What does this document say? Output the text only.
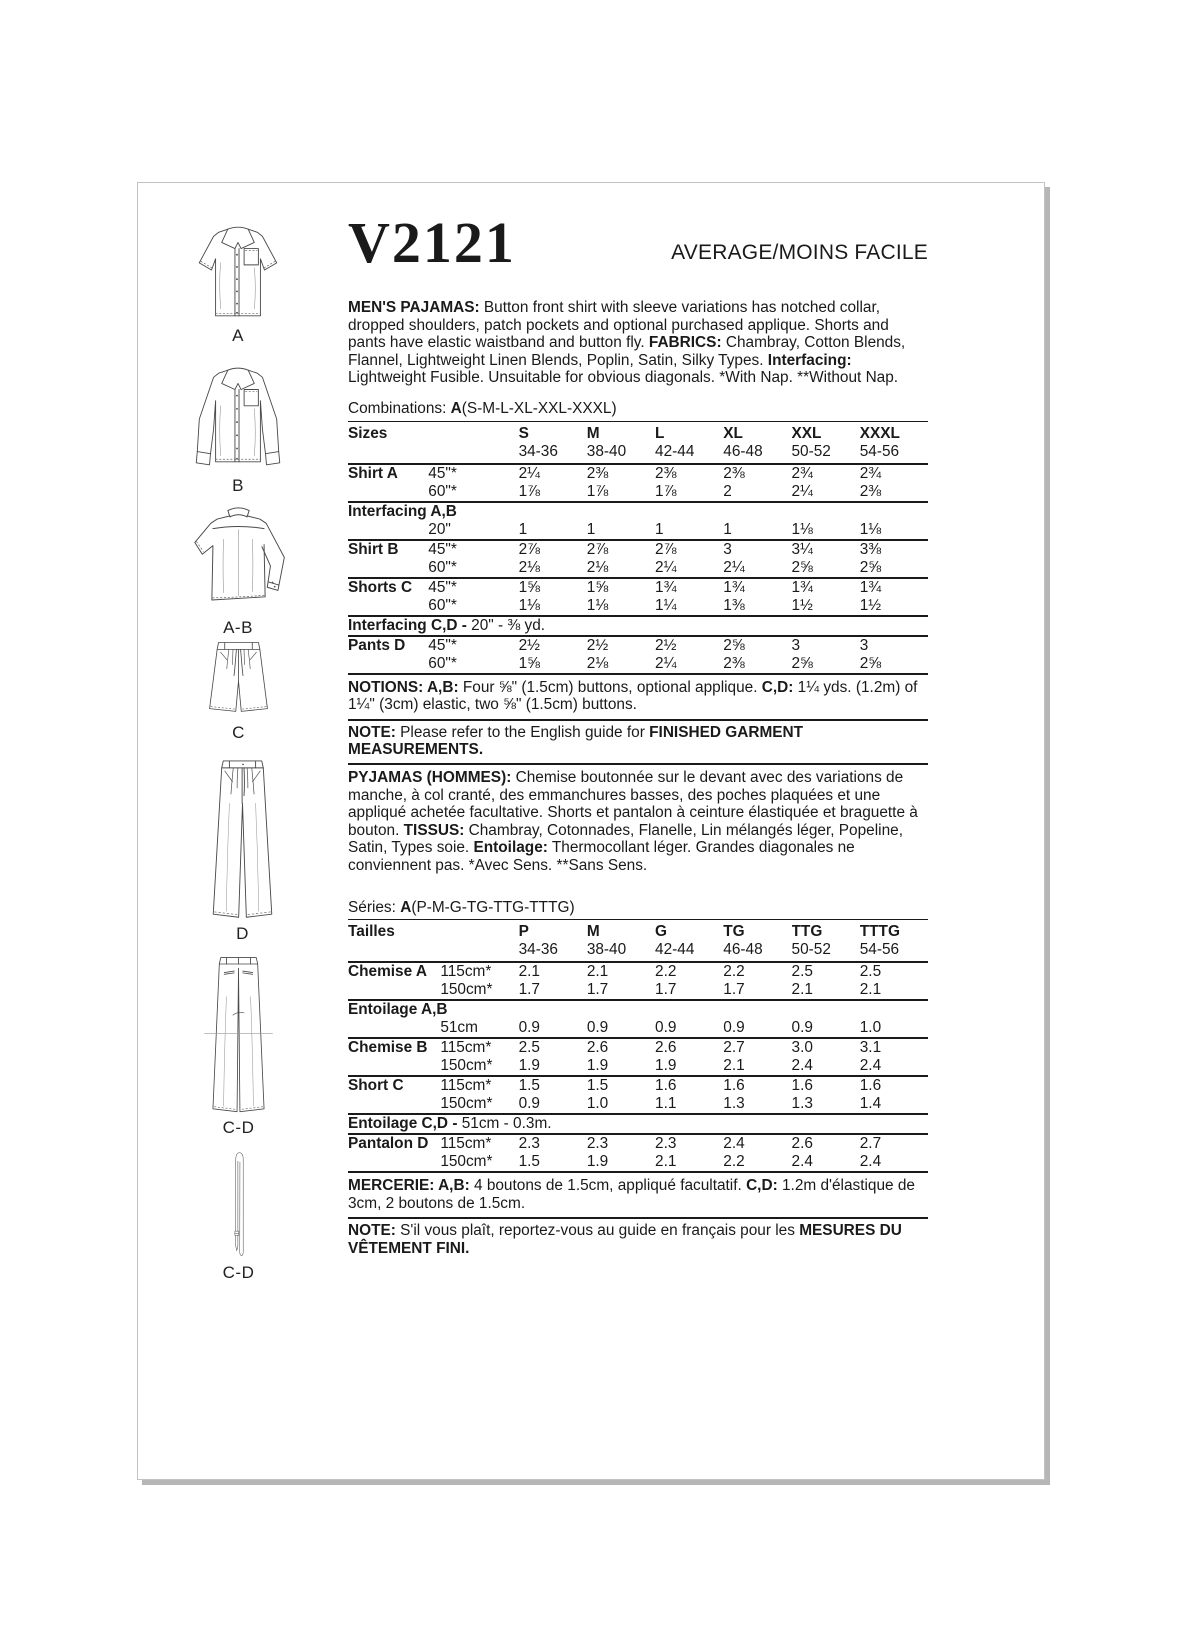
A
B
A-B
C
D
C-D
C-D
V2121	AVERAGE/MOINS FACILE

MEN'S PAJAMAS: Button front shirt with sleeve variations has notched collar, dropped shoulders, patch pockets and optional purchased applique. Shorts and pants have elastic waistband and button fly. FABRICS: Chambray, Cotton Blends, Flannel, Lightweight Linen Blends, Poplin, Satin, Silky Types. Interfacing: Lightweight Fusible. Unsuitable for obvious diagonals. *With Nap. **Without Nap.

Combinations: A(S-M-L-XL-XXL-XXXL)

Sizes		S	M	L	XL	XXL	XXXL
		34-36	38-40	42-44	46-48	50-52	54-56
Shirt A	45"*	2¼	2⅜	2⅜	2⅜	2¾	2¾
	60"*	1⅞	1⅞	1⅞	2	2¼	2⅜
Interfacing A,B							
	20"	1	1	1	1	1⅛	1⅛
Shirt B	45"*	2⅞	2⅞	2⅞	3	3¼	3⅜
	60"*	2⅛	2⅛	2¼	2¼	2⅝	2⅝
Shorts C	45"*	1⅝	1⅝	1¾	1¾	1¾	1¾
	60"*	1⅛	1⅛	1¼	1⅜	1½	1½
Interfacing C,D - 20" - ⅜ yd.							
Pants D	45"*	2½	2½	2½	2⅝	3	3
	60"*	1⅝	2⅛	2¼	2⅜	2⅝	2⅝

NOTIONS: A,B: Four ⅝" (1.5cm) buttons, optional applique. C,D: 1¼ yds. (1.2m) of 1¼" (3cm) elastic, two ⅝" (1.5cm) buttons.

NOTE: Please refer to the English guide for FINISHED GARMENT MEASUREMENTS.

PYJAMAS (HOMMES): Chemise boutonnée sur le devant avec des variations de manche, à col cranté, des emmanchures basses, des poches plaquées et une appliqué achetée facultative. Shorts et pantalon à ceinture élastiquée et braguette à bouton. TISSUS: Chambray, Cotonnades, Flanelle, Lin mélangés léger, Popeline, Satin, Types soie. Entoilage: Thermocollant léger. Grandes diagonales ne conviennent pas. *Avec Sens. **Sans Sens.

Séries: A(P-M-G-TG-TTG-TTTG)

Tailles		P	M	G	TG	TTG	TTTG
		34-36	38-40	42-44	46-48	50-52	54-56
Chemise A	115cm*	2.1	2.1	2.2	2.2	2.5	2.5
	150cm*	1.7	1.7	1.7	1.7	2.1	2.1
Entoilage A,B							
	51cm	0.9	0.9	0.9	0.9	0.9	1.0
Chemise B	115cm*	2.5	2.6	2.6	2.7	3.0	3.1
	150cm*	1.9	1.9	1.9	2.1	2.4	2.4
Short C	115cm*	1.5	1.5	1.6	1.6	1.6	1.6
	150cm*	0.9	1.0	1.1	1.3	1.3	1.4
Entoilage C,D - 51cm - 0.3m.							
Pantalon D	115cm*	2.3	2.3	2.3	2.4	2.6	2.7
	150cm*	1.5	1.9	2.1	2.2	2.4	2.4

MERCERIE: A,B: 4 boutons de 1.5cm, appliqué facultatif. C,D: 1.2m d'élastique de 3cm, 2 boutons de 1.5cm.

NOTE: S'il vous plaît, reportez-vous au guide en français pour les MESURES DU VÊTEMENT FINI.
